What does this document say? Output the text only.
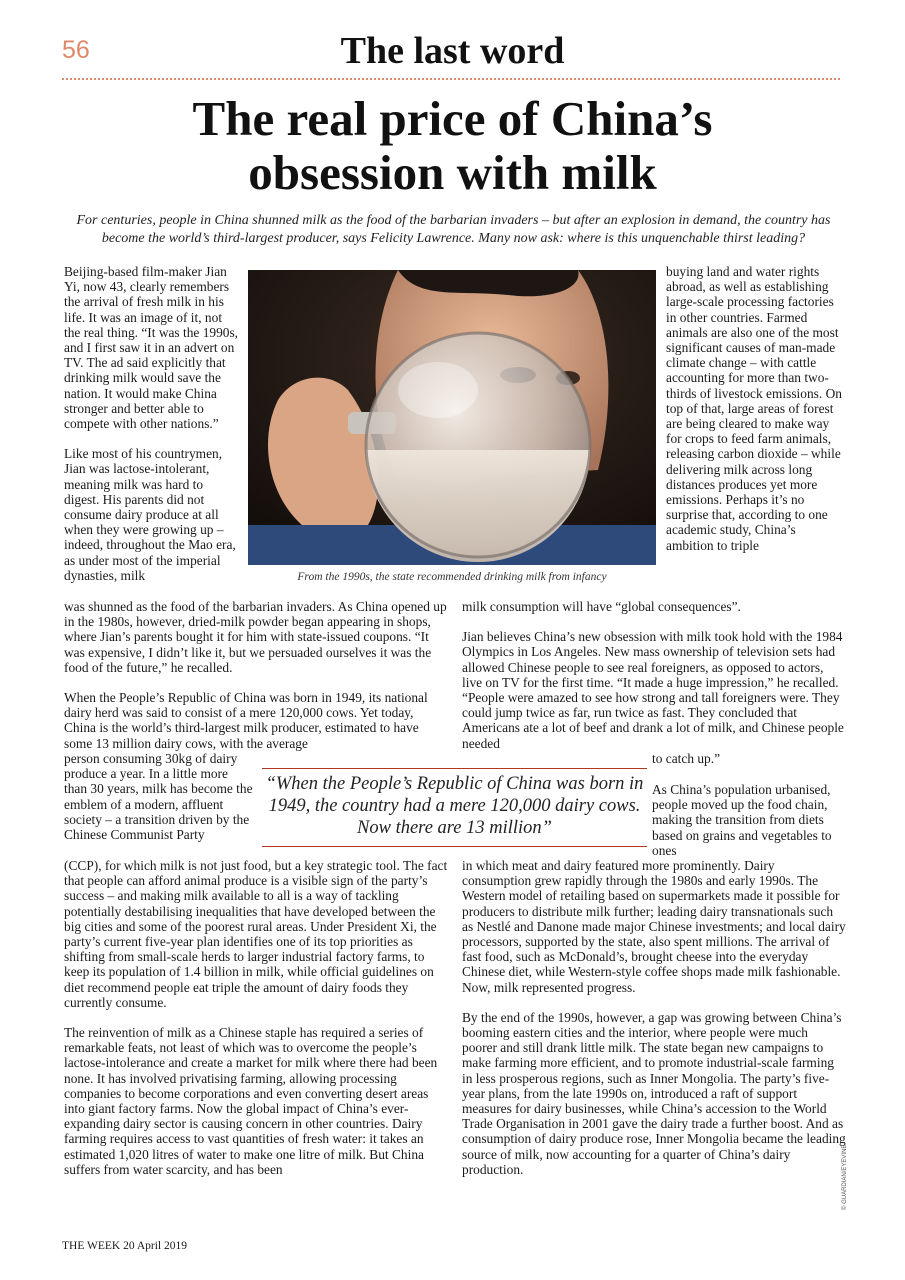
56	The last word
The real price of China’s
obsession with milk
For centuries, people in China shunned milk as the food of the barbarian invaders – but after an explosion in demand, the country has become the world’s third-largest producer, says Felicity Lawrence. Many now ask: where is this unquenchable thirst leading?
From the 1990s, the state recommended drinking milk from infancy

Beijing-based film-maker Jian Yi, now 43, clearly remembers the arrival of fresh milk in his life. It was an image of it, not the real thing. “It was the 1990s, and I first saw it in an advert on TV. The ad said explicitly that drinking milk would save the nation. It would make China stronger and better able to compete with other nations.”

Like most of his countrymen, Jian was lactose-intolerant, meaning milk was hard to digest. His parents did not consume dairy produce at all when they were growing up – indeed, throughout the Mao era, as under most of the imperial dynasties, milk

buying land and water rights abroad, as well as establishing large-scale processing factories in other countries. Farmed animals are also one of the most significant causes of man-made climate change – with cattle accounting for more than two-thirds of livestock emissions. On top of that, large areas of forest are being cleared to make way for crops to feed farm animals, releasing carbon dioxide – while delivering milk across long distances produces yet more emissions. Perhaps it’s no surprise that, according to one academic study, China’s ambition to triple

was shunned as the food of the barbarian invaders. As China opened up in the 1980s, however, dried-milk powder began appearing in shops, where Jian’s parents bought it for him with state-issued coupons. “It was expensive, I didn’t like it, but we persuaded ourselves it was the food of the future,” he recalled.

When the People’s Republic of China was born in 1949, its national dairy herd was said to consist of a mere 120,000 cows. Yet today, China is the world’s third-largest milk producer, estimated to have some 13 million dairy cows, with the average

milk consumption will have “global consequences”.

Jian believes China’s new obsession with milk took hold with the 1984 Olympics in Los Angeles. New mass ownership of television sets had allowed Chinese people to see real foreigners, as opposed to actors, live on TV for the first time. “It made a huge impression,” he recalled. “People were amazed to see how strong and tall foreigners were. They could jump twice as far, run twice as fast. They concluded that Americans ate a lot of beef and drank a lot of milk, and Chinese people needed

to catch up.”

“When the People’s Republic of China was born in 1949, the country had a mere 120,000 dairy cows. Now there are 13 million”

person consuming 30kg of dairy produce a year. In a little more than 30 years, milk has become the emblem of a modern, affluent society – a transition driven by the Chinese Communist Party

As China’s population urbanised, people moved up the food chain, making the transition from diets based on grains and vegetables to ones

(CCP), for which milk is not just food, but a key strategic tool. The fact that people can afford animal produce is a visible sign of the party’s success – and making milk available to all is a way of tackling potentially destabilising inequalities that have developed between the big cities and some of the poorest rural areas. Under President Xi, the party’s current five-year plan identifies one of its top priorities as shifting from small-scale herds to larger industrial factory farms, to keep its population of 1.4 billion in milk, while official guidelines on diet recommend people eat triple the amount of dairy foods they currently consume.

The reinvention of milk as a Chinese staple has required a series of remarkable feats, not least of which was to overcome the people’s lactose-intolerance and create a market for milk where there had been none. It has involved privatising farming, allowing processing companies to become corporations and even converting desert areas into giant factory farms. Now the global impact of China’s ever-expanding dairy sector is causing concern in other countries. Dairy farming requires access to vast quantities of fresh water: it takes an estimated 1,020 litres of water to make one litre of milk. But China suffers from water scarcity, and has been

in which meat and dairy featured more prominently. Dairy consumption grew rapidly through the 1980s and early 1990s. The Western model of retailing based on supermarkets made it possible for producers to distribute milk further; leading dairy transnationals such as Nestlé and Danone made major Chinese investments; and local dairy processors, supported by the state, also spent millions. The arrival of fast food, such as McDonald’s, brought cheese into the everyday Chinese diet, while Western-style coffee shops made milk fashionable. Now, milk represented progress.

By the end of the 1990s, however, a gap was growing between China’s booming eastern cities and the interior, where people were much poorer and still drank little milk. The state began new campaigns to make farming more efficient, and to promote industrial-scale farming in less prosperous regions, such as Inner Mongolia. The party’s five-year plans, from the late 1990s on, introduced a raft of support measures for dairy businesses, while China’s accession to the World Trade Organisation in 2001 gave the dairy trade a further boost. And as consumption of dairy produce rose, Inner Mongolia became the leading source of milk, now accounting for a quarter of China’s dairy production.	© GUARDIAN/EYEVINE
THE WEEK 20 April 2019
